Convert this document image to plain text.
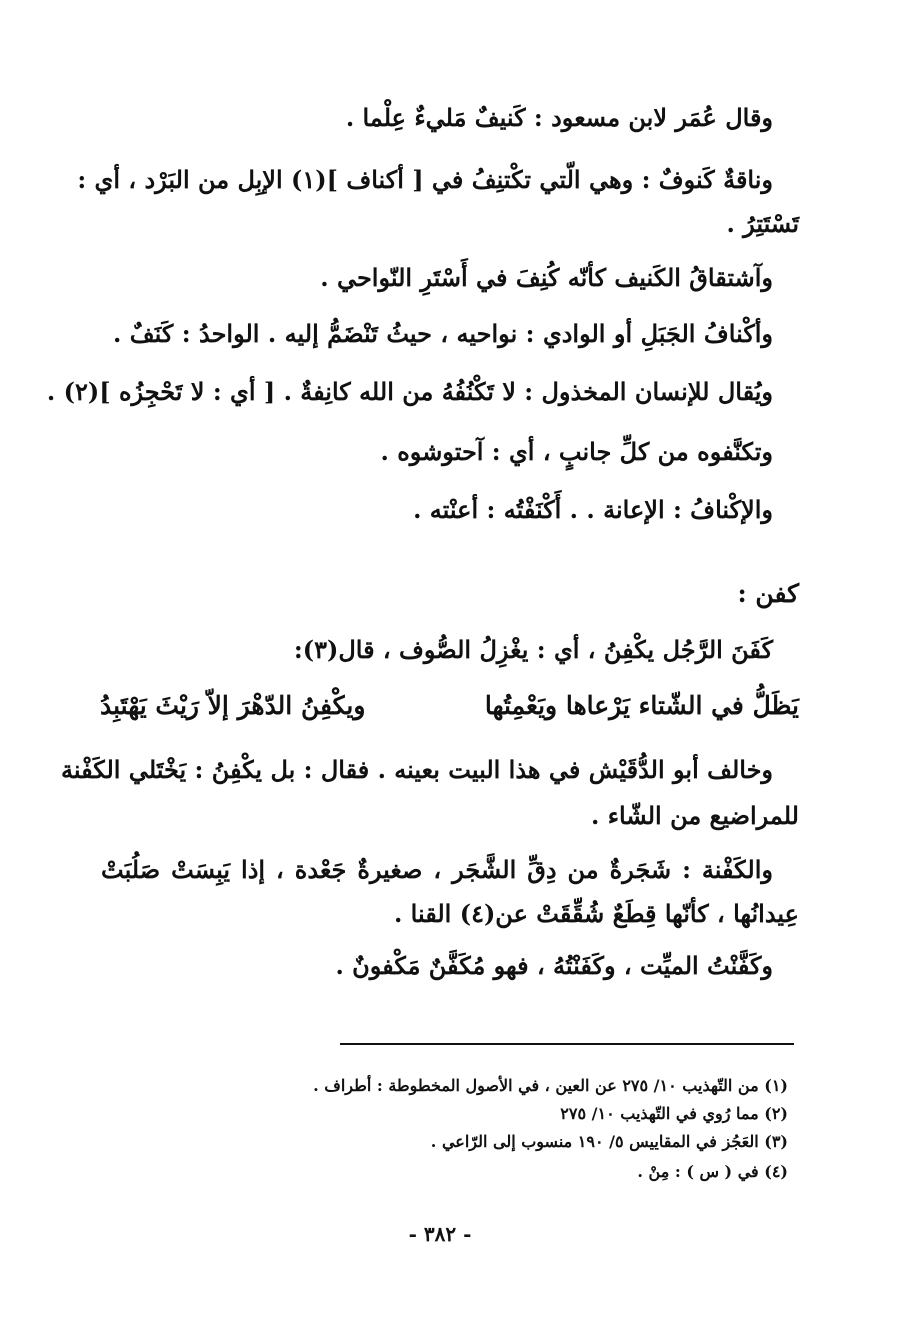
وقال عُمَر لابن مسعود : كَنيفٌ مَليءٌ عِلْما .
وناقةٌ كَنوفٌ : وهي الّتي تكْتنِفُ في [ أكناف ](١) الإبِل من البَرْد ، أي :
تَسْتَتِرُ .
وآشتقاقُ الكَنيف كأنّه كُنِفَ في أَسْتَرِ النّواحي .
وأكْنافُ الجَبَلِ أو الوادي : نواحيه ، حيثُ تَنْضَمُّ إليه . الواحدُ : كَنَفٌ .
ويُقال للإنسان المخذول : لا تَكْنُفُهُ من الله كانِفةٌ . [ أي : لا تَحْجِزُه ](٢) .
وتكنَّفوه من كلِّ جانبٍ ، أي : آحتوشوه .
والإكْنافُ : الإعانة . . أَكْنَفْتُه : أعنْته .
كفن :
كَفَنَ الرَّجُل يكْفِنُ ، أي : يغْزِلُ الصُّوف ، قال(٣):
يَظَلُّ في الشّتاء يَرْعاها ويَعْمِتُها
ويكْفِنُ الدّهْرَ إلاّ رَيْثَ يَهْتَبِدُ
وخالف أبو الدُّقَيْش في هذا البيت بعينه . فقال : بل يكْفِنُ : يَخْتَلي الكَفْنة
للمراضيع من الشّاء .
والكَفْنة : شَجَرةٌ من دِقِّ الشَّجَر ، صغيرةٌ جَعْدة ، إذا يَبِسَتْ صَلُبَتْ
عِيدانُها ، كأنّها قِطَعٌ شُقِّقَتْ عن(٤) القنا .
وكَفَّنْتُ الميِّت ، وكَفَنْتُهُ ، فهو مُكَفَّنٌ مَكْفونٌ .
(١) من التّهذيب ١٠/ ٢٧٥ عن العين ، في الأصول المخطوطة : أطراف .
(٢) مما رُوي في التّهذيب ١٠/ ٢٧٥
(٣) العَجُز في المقاييس ٥/ ١٩٠ منسوب إلى الرّاعي .
(٤) في ( س ) : مِنْ .
- ٣٨٢ -
